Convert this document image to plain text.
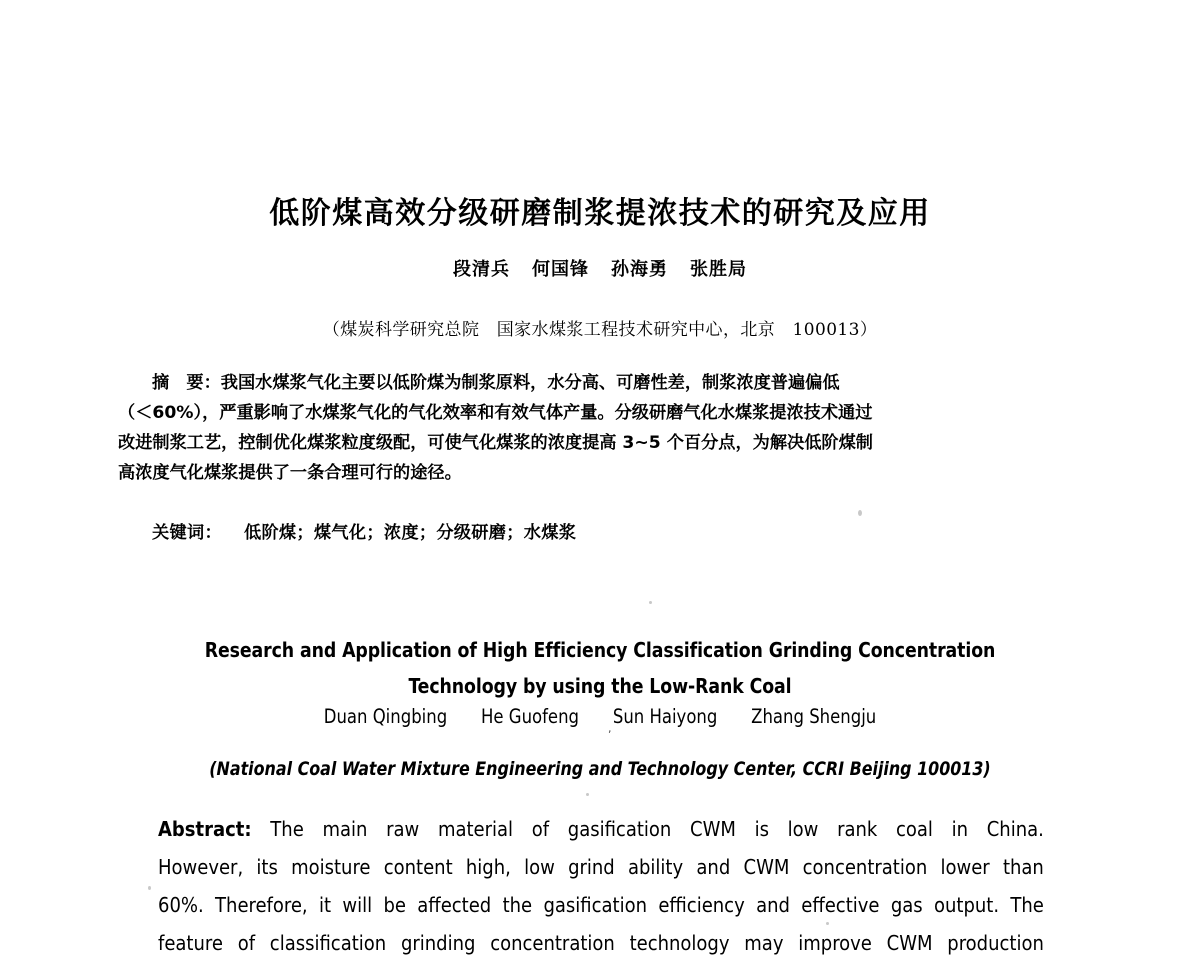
低阶煤高效分级研磨制浆提浓技术的研究及应用
段清兵 何国锋 孙海勇 张胜局
（煤炭科学研究总院　国家水煤浆工程技术研究中心，北京　100013）
摘　要：我国水煤浆气化主要以低阶煤为制浆原料，水分高、可磨性差，制浆浓度普遍偏低
（＜60%），严重影响了水煤浆气化的气化效率和有效气体产量。分级研磨气化水煤浆提浓技术通过
改进制浆工艺，控制优化煤浆粒度级配，可使气化煤浆的浓度提高 3~5 个百分点，为解决低阶煤制
高浓度气化煤浆提供了一条合理可行的途径。
关键词： 低阶煤；煤气化；浓度；分级研磨；水煤浆
Research and Application of High Efficiency Classification Grinding Concentration
Technology by using the Low-Rank Coal
Duan Qingbing He Guofeng Sun Haiyong Zhang Shengju
,
(National Coal Water Mixture Engineering and Technology Center, CCRI Beijing 100013)
Abstract: The main raw material of gasification CWM is low rank coal in China.
However, its moisture content high, low grind ability and CWM concentration lower than
60%. Therefore, it will be affected the gasification efficiency and effective gas output. The
feature of classification grinding concentration technology may improve CWM production
